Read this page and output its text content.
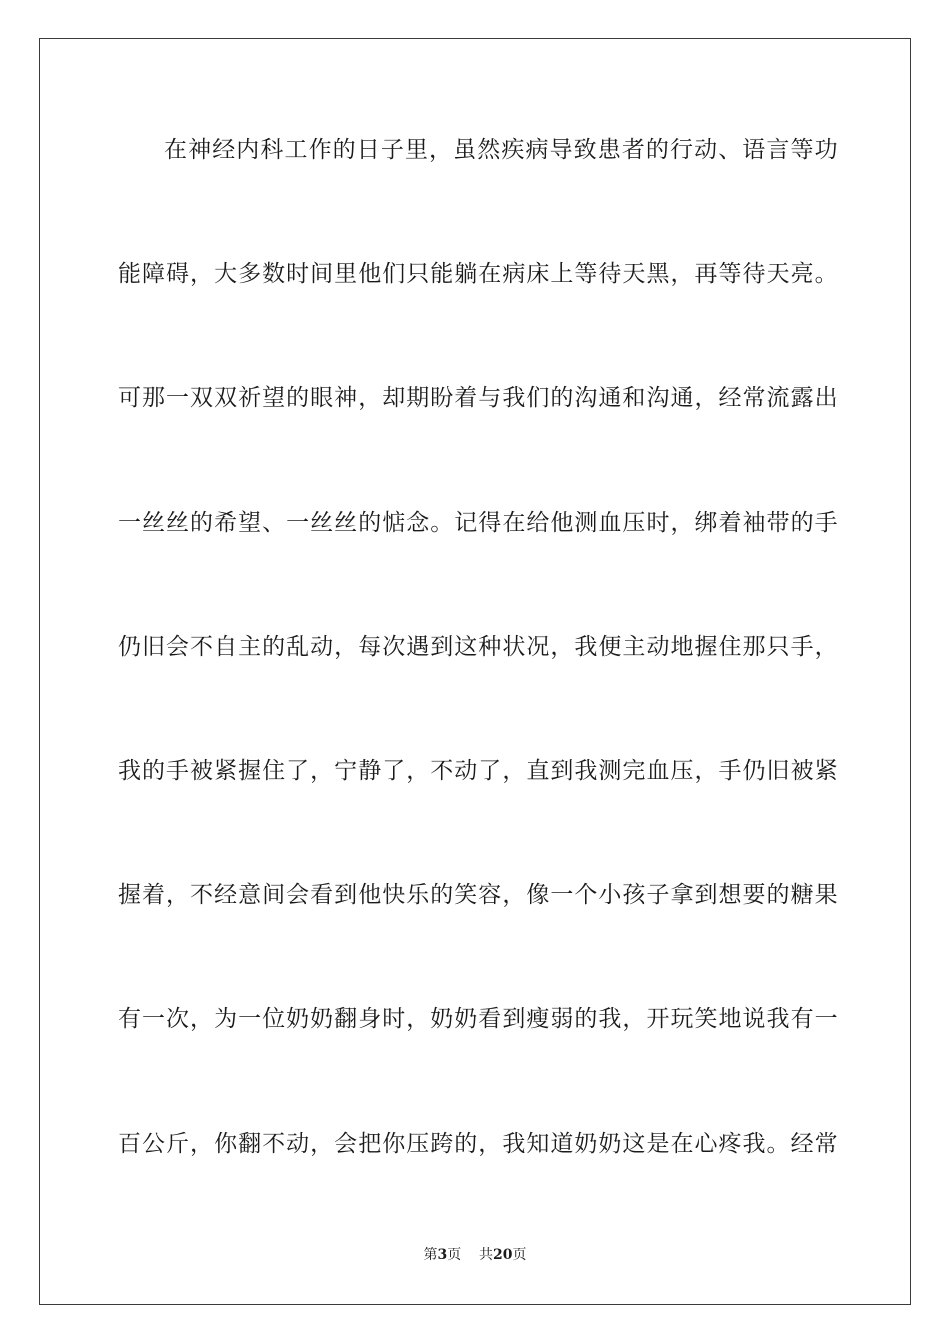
在神经内科工作的日子里，虽然疾病导致患者的行动、语言等功
能障碍，大多数时间里他们只能躺在病床上等待天黑，再等待天亮。
可那一双双祈望的眼神，却期盼着与我们的沟通和沟通，经常流露出
一丝丝的希望、一丝丝的惦念。记得在给他测血压时，绑着袖带的手
仍旧会不自主的乱动，每次遇到这种状况，我便主动地握住那只手，
我的手被紧握住了，宁静了，不动了，直到我测完血压，手仍旧被紧
握着，不经意间会看到他快乐的笑容，像一个小孩子拿到想要的糖果
有一次，为一位奶奶翻身时，奶奶看到瘦弱的我，开玩笑地说我有一
百公斤，你翻不动，会把你压跨的，我知道奶奶这是在心疼我。经常
第3页 共20页
